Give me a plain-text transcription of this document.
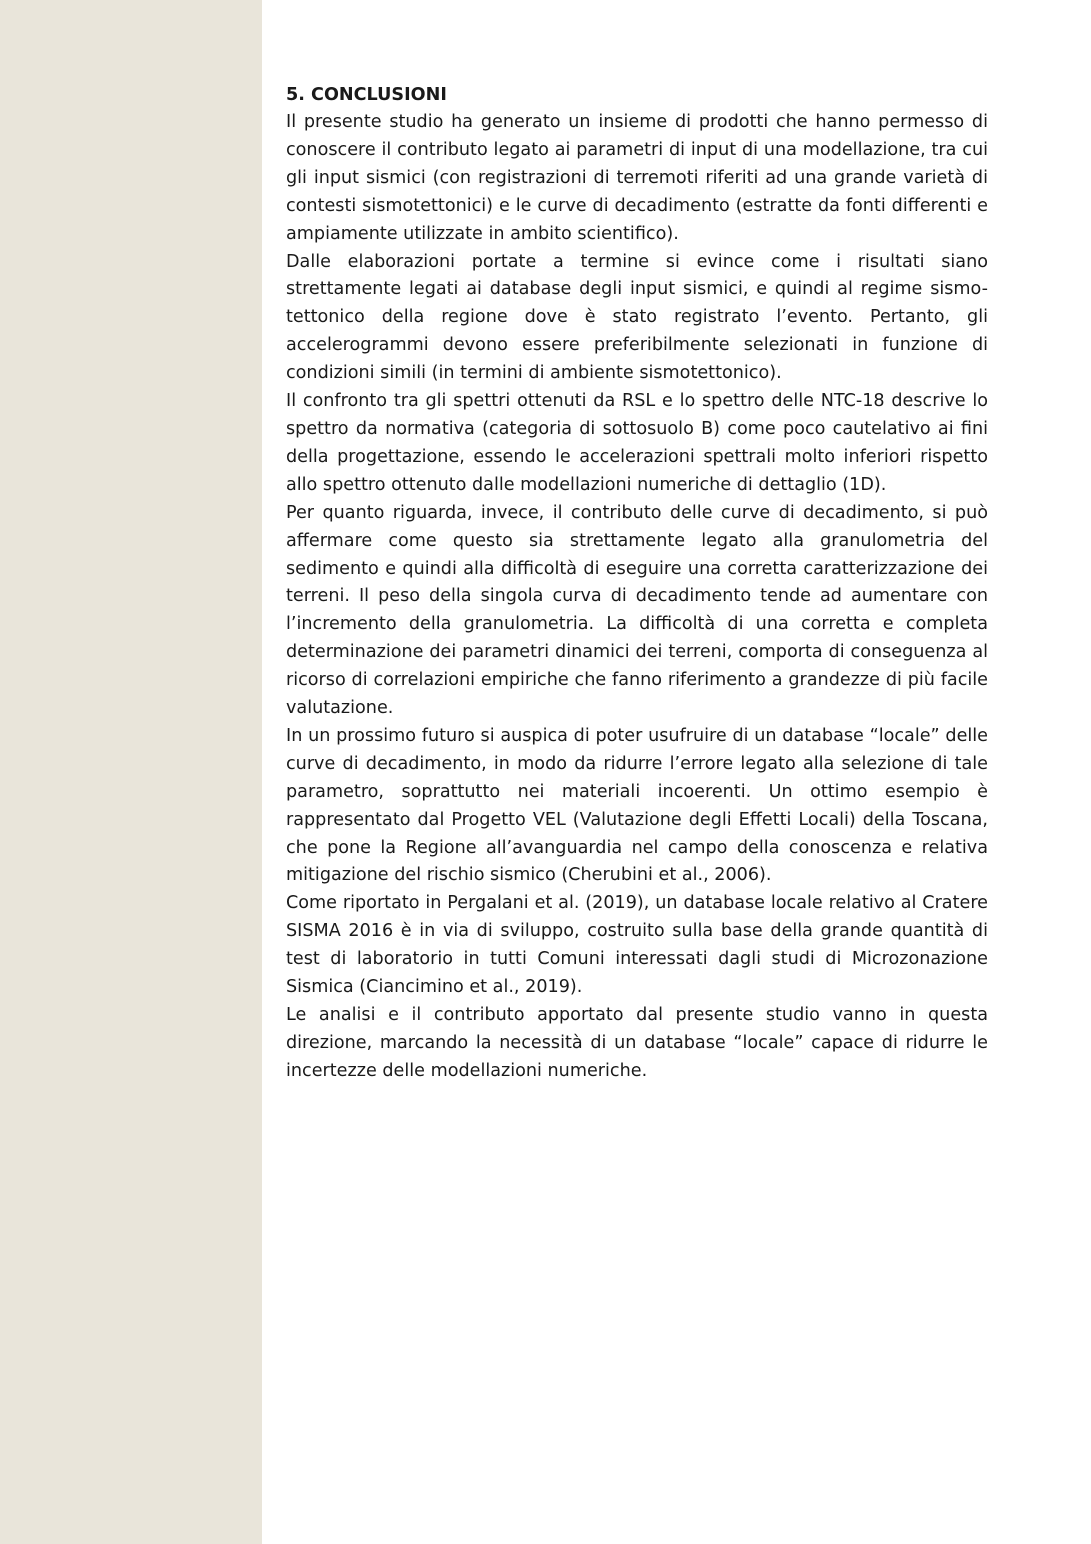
5. CONCLUSIONI

Il presente studio ha generato un insieme di prodotti che hanno permesso di conoscere il contributo legato ai parametri di input di una modellazione, tra cui gli input sismici (con registrazioni di terremoti riferiti ad una grande varietà di contesti sismotettonici) e le curve di decadimento (estratte da fonti differenti e ampiamente utilizzate in ambito scientifico).

Dalle elaborazioni portate a termine si evince come i risultati siano strettamente legati ai database degli input sismici, e quindi al regime sismo-tettonico della regione dove è stato registrato l’evento. Pertanto, gli accelerogrammi devono essere preferibilmente selezionati in funzione di condizioni simili (in termini di ambiente sismotettonico).

Il confronto tra gli spettri ottenuti da RSL e lo spettro delle NTC-18 descrive lo spettro da normativa (categoria di sottosuolo B) come poco cautelativo ai fini della progettazione, essendo le accelerazioni spettrali molto inferiori rispetto allo spettro ottenuto dalle modellazioni numeriche di dettaglio (1D).

Per quanto riguarda, invece, il contributo delle curve di decadimento, si può affermare come questo sia strettamente legato alla granulometria del sedimento e quindi alla difficoltà di eseguire una corretta caratterizzazione dei terreni. Il peso della singola curva di decadimento tende ad aumentare con l’incremento della granulometria. La difficoltà di una corretta e completa determinazione dei parametri dinamici dei terreni, comporta di conseguenza al ricorso di correlazioni empiriche che fanno riferimento a grandezze di più facile valutazione.

In un prossimo futuro si auspica di poter usufruire di un database “locale” delle curve di decadimento, in modo da ridurre l’errore legato alla selezione di tale parametro, soprattutto nei materiali incoerenti. Un ottimo esempio è rappresentato dal Progetto VEL (Valutazione degli Effetti Locali) della Toscana, che pone la Regione all’avanguardia nel campo della conoscenza e relativa mitigazione del rischio sismico (Cherubini et al., 2006).

Come riportato in Pergalani et al. (2019), un database locale relativo al Cratere SISMA 2016 è in via di sviluppo, costruito sulla base della grande quantità di test di laboratorio in tutti Comuni interessati dagli studi di Microzonazione Sismica (Ciancimino et al., 2019).

Le analisi e il contributo apportato dal presente studio vanno in questa direzione, marcando la necessità di un database “locale” capace di ridurre le incertezze delle modellazioni numeriche.
